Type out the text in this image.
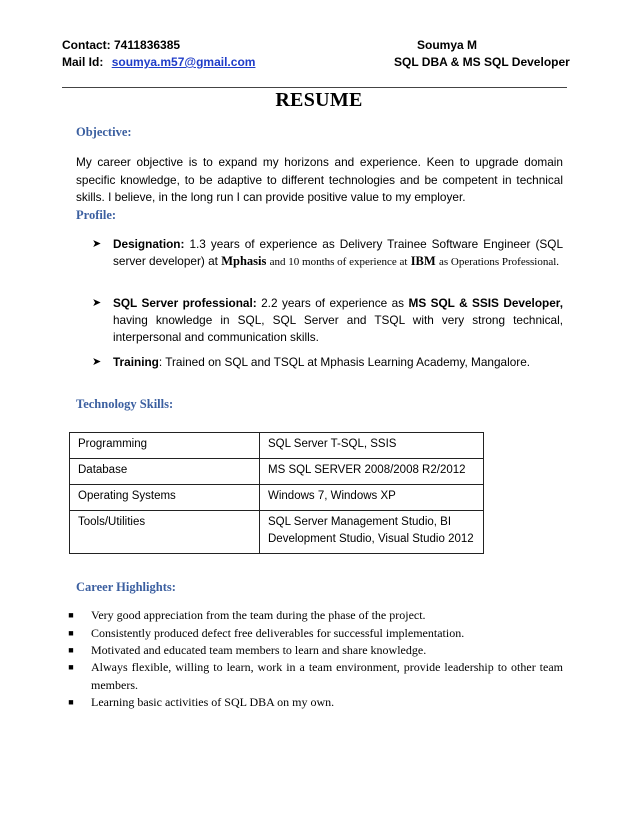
Contact: 7411836385
Mail Id: soumya.m57@gmail.com
Soumya M
SQL DBA & MS SQL Developer
RESUME
Objective:
My career objective is to expand my horizons and experience. Keen to upgrade domain specific knowledge, to be adaptive to different technologies and be competent in technical skills. I believe, in the long run I can provide positive value to my employer.
Profile:
➤ Designation: 1.3 years of experience as Delivery Trainee Software Engineer (SQL server developer) at Mphasis and 10 months of experience at IBM as Operations Professional.
➤ SQL Server professional: 2.2 years of experience as MS SQL & SSIS Developer, having knowledge in SQL, SQL Server and TSQL with very strong technical, interpersonal and communication skills.
➤ Training: Trained on SQL and TSQL at Mphasis Learning Academy, Mangalore.
Technology Skills:
Programming	SQL Server T-SQL, SSIS
Database	MS SQL SERVER 2008/2008 R2/2012
Operating Systems	Windows 7, Windows XP
Tools/Utilities	SQL Server Management Studio, BI Development Studio, Visual Studio 2012
Career Highlights:
■ Very good appreciation from the team during the phase of the project.
■ Consistently produced defect free deliverables for successful implementation.
■ Motivated and educated team members to learn and share knowledge.
■ Always flexible, willing to learn, work in a team environment, provide leadership to other team members.
■ Learning basic activities of SQL DBA on my own.
